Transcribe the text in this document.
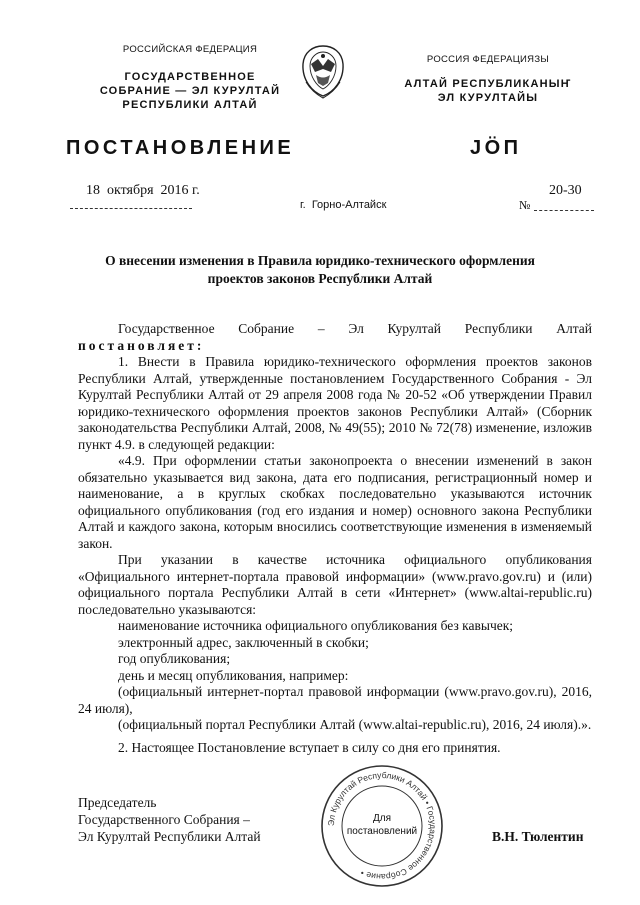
РОССИЙСКАЯ ФЕДЕРАЦИЯ
ГОСУДАРСТВЕННОЕ
СОБРАНИЕ — ЭЛ КУРУЛТАЙ
РЕСПУБЛИКИ АЛТАЙ
РОССИЯ ФЕДЕРАЦИЯЗЫ
АЛТАЙ РЕСПУБЛИКАНЫҤ
ЭЛ КУРУЛТАЙЫ
ПОСТАНОВЛЕНИЕ	JÖП
18  октября  2016 г.
г.  Горно-Алтайск
20-30
№
О внесении изменения в Правила юридико-технического оформления
проектов законов Республики Алтай

Государственное    Собрание    –    Эл    Курултай    Республики    Алтай

постановляет:

1. Внести в Правила юридико-технического оформления проектов законов Республики Алтай, утвержденные постановлением Государственного Собрания - Эл Курултай Республики Алтай от 29 апреля 2008 года № 20-52 «Об утверждении Правил юридико-технического оформления проектов законов Республики Алтай» (Сборник законодательства Республики Алтай, 2008, № 49(55); 2010 № 72(78) изменение, изложив пункт 4.9. в следующей редакции:

«4.9. При оформлении статьи законопроекта о внесении изменений в закон обязательно указывается вид закона, дата его подписания, регистрационный номер и наименование, а в круглых скобках последовательно указываются источник официального опубликования (год его издания и номер) основного закона Республики Алтай и каждого закона, которым вносились соответствующие изменения в изменяемый закон.

При указании в качестве источника официального опубликования «Официального интернет-портала правовой информации» (www.pravo.gov.ru) и (или) официального портала Республики Алтай в сети «Интернет» (www.altai-republic.ru) последовательно указываются:

наименование источника официального опубликования без кавычек;

электронный адрес, заключенный в скобки;

год опубликования;

день и месяц опубликования, например:

(официальный интернет-портал правовой информации (www.pravo.gov.ru), 2016, 24 июля),

(официальный портал Республики Алтай (www.altai-republic.ru), 2016, 24 июля).».

2. Настоящее Постановление вступает в силу со дня его принятия.

Председатель
Государственного Собрания –
Эл Курултай Республики Алтай	В.Н. Тюлентин
Эл Курултай Республики Алтай • Государственное Собрание •
Для
постановлений
